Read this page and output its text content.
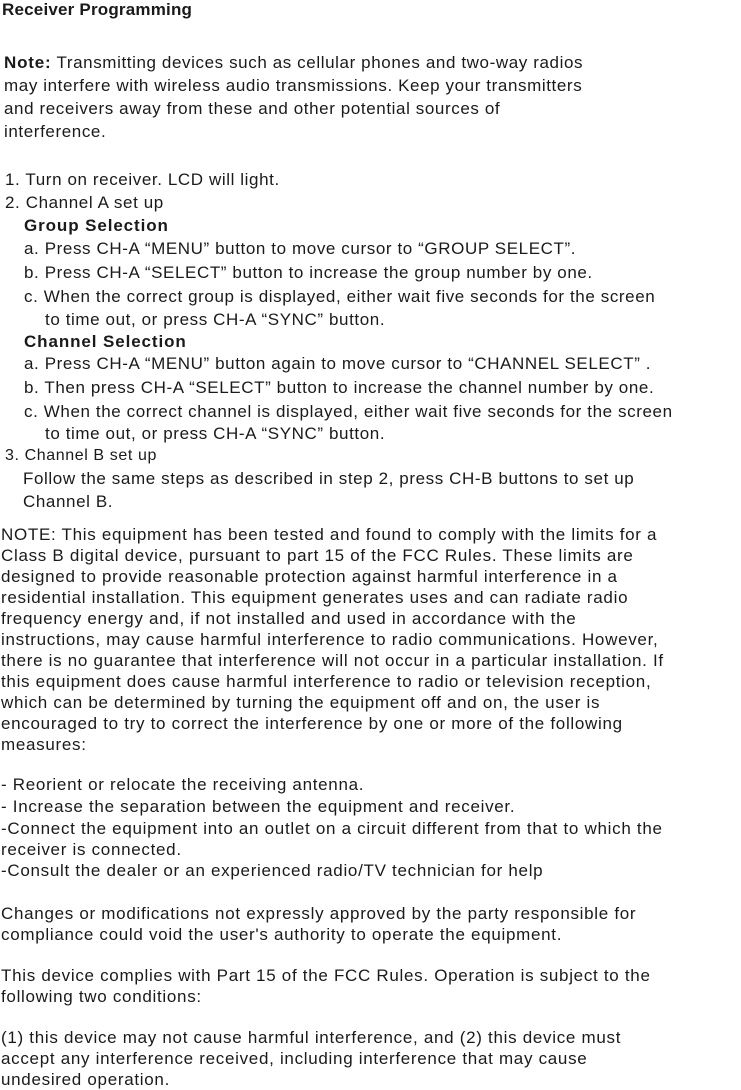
Receiver Programming
Note: Transmitting devices such as cellular phones and two-way radios
may interfere with wireless audio transmissions. Keep your transmitters
and receivers away from these and other potential sources of
interference.
1. Turn on receiver. LCD will light.
2. Channel A set up
Group Selection
a. Press CH-A “MENU” button to move cursor to “GROUP SELECT”.
b. Press CH-A “SELECT” button to increase the group number by one.
c. When the correct group is displayed, either wait five seconds for the screen
to time out, or press CH-A “SYNC” button.
Channel Selection
a. Press CH-A “MENU” button again to move cursor to “CHANNEL SELECT” .
b. Then press CH-A “SELECT” button to increase the channel number by one.
c. When the correct channel is displayed, either wait five seconds for the screen
to time out, or press CH-A “SYNC” button.
3. Channel B set up
Follow the same steps as described in step 2, press CH-B buttons to set up
Channel B.
NOTE: This equipment has been tested and found to comply with the limits for a
Class B digital device, pursuant to part 15 of the FCC Rules. These limits are
designed to provide reasonable protection against harmful interference in a
residential installation. This equipment generates uses and can radiate radio
frequency energy and, if not installed and used in accordance with the
instructions, may cause harmful interference to radio communications. However,
there is no guarantee that interference will not occur in a particular installation. If
this equipment does cause harmful interference to radio or television reception,
which can be determined by turning the equipment off and on, the user is
encouraged to try to correct the interference by one or more of the following
measures:
- Reorient or relocate the receiving antenna.
- Increase the separation between the equipment and receiver.
-Connect the equipment into an outlet on a circuit different from that to which the
receiver is connected.
-Consult the dealer or an experienced radio/TV technician for help
Changes or modifications not expressly approved by the party responsible for
compliance could void the user's authority to operate the equipment.
This device complies with Part 15 of the FCC Rules. Operation is subject to the
following two conditions:
(1) this device may not cause harmful interference, and (2) this device must
accept any interference received, including interference that may cause
undesired operation.
